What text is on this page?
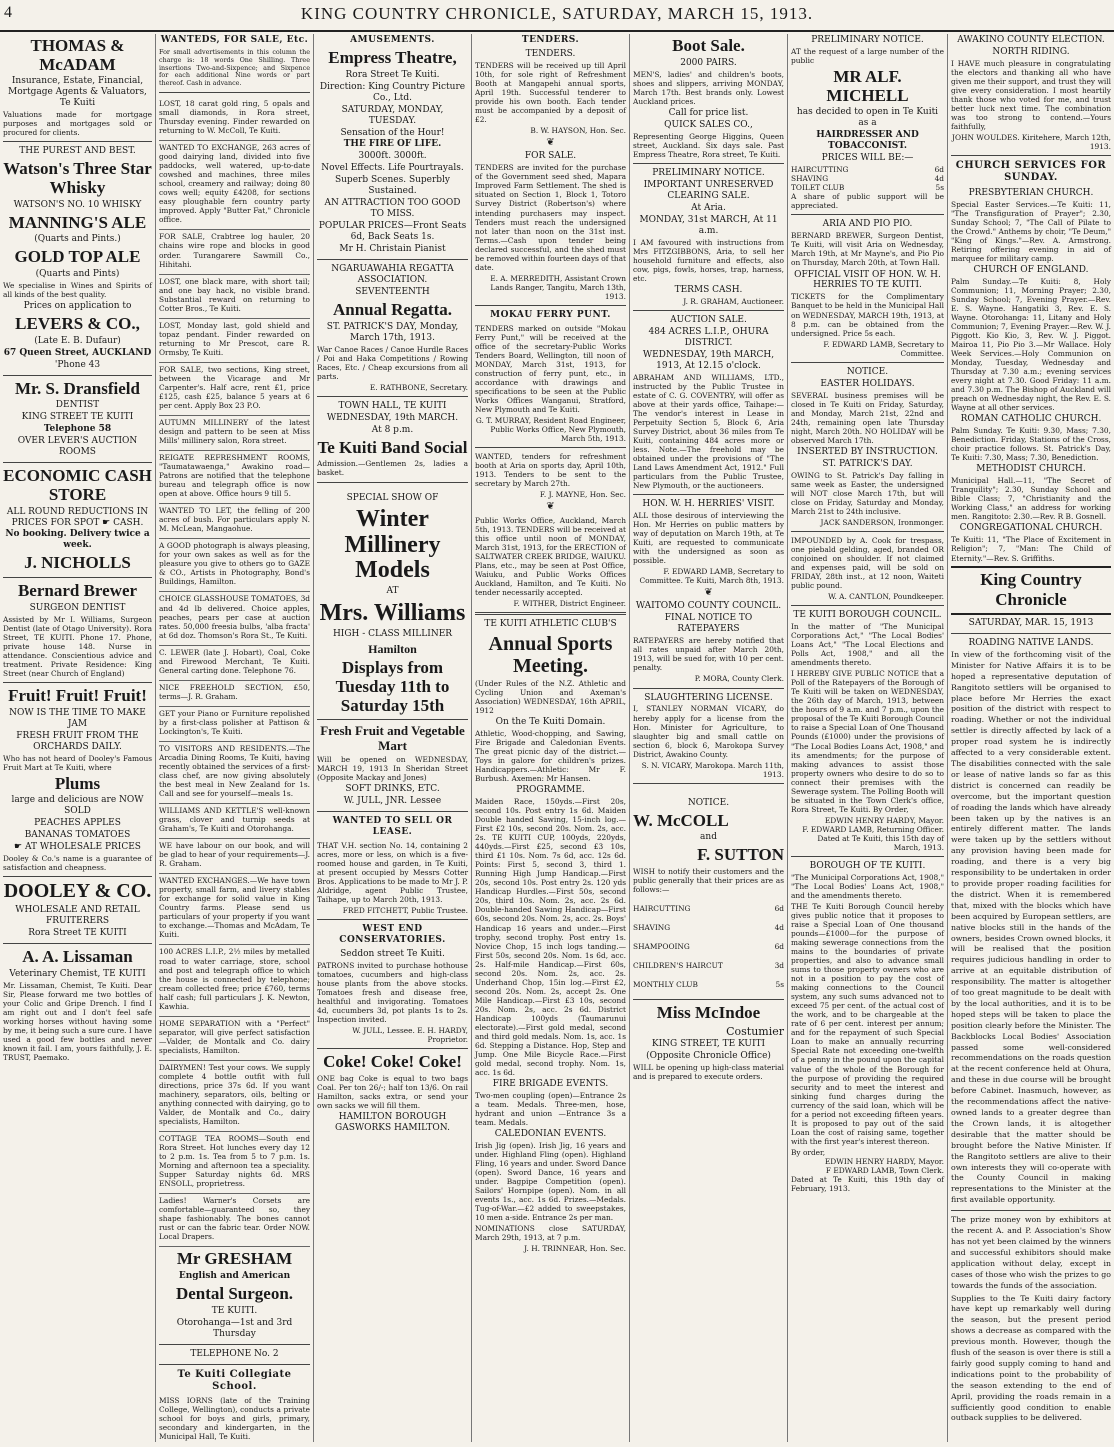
4	KING COUNTRY CHRONICLE, SATURDAY, MARCH 15, 1913.
THOMAS & McADAM
Insurance, Estate, Financial, Mortgage Agents & Valuators, Te Kuiti

Valuations made for mortgage purposes and mortgages sold or procured for clients.

THE PUREST AND BEST.
Watson's Three Star Whisky
WATSON'S NO. 10 WHISKY
MANNING'S ALE
(Quarts and Pints.)
GOLD TOP ALE
(Quarts and Pints)

We specialise in Wines and Spirits of all kinds of the best quality.

Prices on application to
LEVERS & CO.,
(Late E. B. Dufaur)
67 Queen Street, AUCKLAND
'Phone 43
Mr. S. Dransfield
DENTIST
KING STREET TE KUITI
Telephone 58
OVER LEVER'S AUCTION ROOMS
ECONOMIC CASH STORE
ALL ROUND REDUCTIONS IN PRICES FOR SPOT ☛ CASH.
No booking. Delivery twice a week.
J. NICHOLLS
Bernard Brewer
SURGEON DENTIST

Assisted by Mr I. Williams, Surgeon Dentist (late of Otago University). Rora Street, TE KUITI. Phone 17. Phone, private house 148. Nurse in attendance. Conscientious advice and treatment. Private Residence: King Street (near Church of England)

Fruit! Fruit! Fruit!
NOW IS THE TIME TO MAKE JAM
FRESH FRUIT FROM THE ORCHARDS DAILY.

Who has not heard of Dooley's Famous Fruit Mart at Te Kuiti, where

Plums
large and delicious are NOW SOLD
PEACHES APPLES
BANANAS TOMATOES
☛ AT WHOLESALE PRICES

Dooley & Co.'s name is a guarantee of satisfaction and cheapness.

DOOLEY & CO.
WHOLESALE AND RETAIL FRUITERERS
Rora Street TE KUITI
A. A. Lissaman
Veterinary Chemist, TE KUITI

Mr. Lissaman, Chemist, Te Kuiti. Dear Sir, Please forward me two bottles of your Colic and Gripe Drench. I find I am right out and I don't feel safe working horses without having some by me, it being such a sure cure. I have used a good few bottles and never known it fail. I am, yours faithfully, J. E. TRUST, Paemako.

WANTEDS, FOR SALE, Etc.

For small advertisements in this column the charge is: 18 words One Shilling. Three insertions Two-and-Sixpence; and Sixpence for each additional Nine words or part thereof. Cash in advance.

LOST, 18 carat gold ring, 5 opals and small diamonds, in Rora street, Thursday evening. Finder rewarded on returning to W. McColl, Te Kuiti.

WANTED TO EXCHANGE, 263 acres of good dairying land, divided into five paddocks, well watered, up-to-date cowshed and machines, three miles school, creamery and railway; doing 80 cows well; equity £4208, for sections easy ploughable fern country party improved. Apply "Butter Fat," Chronicle office.

FOR SALE, Crabtree log hauler, 20 chains wire rope and blocks in good order. Turangarere Sawmill Co., Hihitahi.

LOST, one black mare, with short tail; and one bay hack, no visible brand. Substantial reward on returning to Cotter Bros., Te Kuiti.

LOST, Monday last, gold shield and topaz pendant. Finder rewarded on returning to Mr Prescot, care R. Ormsby, Te Kuiti.

FOR SALE, two sections, King street, between the Vicarage and Mr Carpenter's. Half acre, rent £1, price £125, cash £25, balance 5 years at 6 per cent. Apply Box 23 P.O.

AUTUMN MILLINERY of the latest design and pattern to be seen at Miss Mills' millinery salon, Rora street.

REIGATE REFRESHMENT ROOMS, "Taumatawaenga," Awakino road—Patrons are notified that the telephone bureau and telegraph office is now open at above. Office hours 9 till 5.

WANTED TO LET, the felling of 200 acres of bush. For particulars apply N. M. McLean, Mangaohue.

A GOOD photograph is always pleasing, for your own sakes as well as for the pleasure you give to others go to GAZE & CO., Artists in Photography, Bond's Buildings, Hamilton.

CHOICE GLASSHOUSE TOMATOES, 3d and 4d lb delivered. Choice apples, peaches, pears per case at auction rates. 50,000 freesia bulbs, 'alba fracta' at 6d doz. Thomson's Rora St., Te Kuiti.

C. LEWER (late J. Hobart), Coal, Coke and Firewood Merchant, Te Kuiti. General carting done. Telephone 76.

NICE FREEHOLD SECTION, £50, terms—J. R. Graham.

GET your Piano or Furniture repolished by a first-class polisher at Pattison & Lockington's, Te Kuiti.

TO VISITORS AND RESIDENTS.—The Arcadia Dining Rooms, Te Kuiti, having recently obtained the services of a first-class chef, are now giving absolutely the best meal in New Zealand for 1s. Call and see for yourself—meals 1s.

WILLIAMS AND KETTLE'S well-known grass, clover and turnip seeds at Graham's, Te Kuiti and Otorohanga.

WE have labour on our book, and will be glad to hear of your requirements—J. R. Graham.

WANTED EXCHANGES.—We have town property, small farm, and livery stables for exchange for solid value in King Country farms. Please send us particulars of your property if you want to exchange.—Thomas and McAdam, Te Kuiti.

100 ACRES L.I.P., 2½ miles by metalled road to water carriage, store, school and post and telegraph office to which the house is connected by telephone; cream collected free; price £760, terms half cash; full particulars J. K. Newton, Kawhia.

HOME SEPARATION with a "Perfect" separator, will give perfect satisfaction—Valder, de Montalk and Co. dairy specialists, Hamilton.

DAIRYMEN! Test your cows. We supply complete 4 bottle outfit with full directions, price 37s 6d. If you want machinery, separators, oils, belting or anything connected with dairying, go to Valder, de Montalk and Co., dairy specialists, Hamilton.

COTTAGE TEA ROOMS—South end Rora Street. Hot lunches every day 12 to 2 p.m. 1s. Tea from 5 to 7 p.m. 1s. Morning and afternoon tea a speciality. Supper Saturday nights 6d. MRS ENSOLL, proprietress.

Ladies! Warner's Corsets are comfortable—guaranteed so, they shape fashionably. The bones cannot rust or can the fabric tear. Order NOW. Local Drapers.

Mr GRESHAM
English and American
Dental Surgeon.
TE KUITI.
Otorohanga—1st and 3rd Thursday
TELEPHONE No. 2
Te Kuiti Collegiate School.

MISS IORNS (late of the Training College, Wellington), conducts a private school for boys and girls, primary, secondary and kindergarten, in the Municipal Hall, Te Kuiti.

AMUSEMENTS.
Empress Theatre,
Rora Street Te Kuiti.
Direction: King Country Picture Co., Ltd.
SATURDAY, MONDAY, TUESDAY.
Sensation of the Hour!
THE FIRE OF LIFE.
3000ft. 3000ft.
Novel Effects. Life Pourtrayals.
Superb Scenes. Superbly Sustained.
AN ATTRACTION TOO GOOD TO MISS.
POPULAR PRICES—Front Seats 6d, Back Seats 1s.
Mr H. Christain Pianist
NGARUAWAHIA REGATTA ASSOCIATION.
SEVENTEENTH
Annual Regatta.
ST. PATRICK'S DAY, Monday, March 17th, 1913.

War Canoe Races / Canoe Hurdle Races / Poi and Haka Competitions / Rowing Races, Etc. / Cheap excursions from all parts.

E. RATHBONE, Secretary.
TOWN HALL, TE KUITI
WEDNESDAY, 19th MARCH.
At 8 p.m.
Te Kuiti Band Social

Admission.—Gentlemen 2s, ladies a basket.

SPECIAL SHOW OF
Winter Millinery Models
AT
Mrs. Williams
HIGH - CLASS MILLINER
Hamilton
Displays from Tuesday 11th to Saturday 15th
Fresh Fruit and Vegetable Mart

Will be opened on WEDNESDAY, MARCH 19, 1913 In Sheridan Street (Opposite Mackay and Jones)

SOFT DRINKS, ETC.
W. JULL, JNR. Lessee
WANTED TO SELL OR LEASE.

THAT V.H. section No. 14, containing 2 acres, more or less, on which is a five-roomed house and garden, in Te Kuiti, at present occupied by Messrs Cotter Bros. Applications to be made to Mr J. P. Aldridge, agent Public Trustee, Taihape, up to March 20th, 1913.

FRED FITCHETT, Public Trustee.
WEST END CONSERVATORIES.
Seddon street Te Kuiti.

PATRONS invited to purchase hothouse tomatoes, cucumbers and high-class house plants from the above stocks. Tomatoes fresh and disease free, healthful and invigorating. Tomatoes 4d, cucumbers 3d, pot plants 1s to 2s. Inspection invited.

W. JULL, Lessee. E. H. HARDY, Proprietor.
Coke! Coke! Coke!

ONE bag Coke is equal to two bags Coal. Per ton 26/-; half ton 13/6. On rail Hamilton, sacks extra, or send your own sacks we will fill them.

HAMILTON BOROUGH GASWORKS HAMILTON.
TENDERS.
TENDERS.

TENDERS will be received up till April 10th, for sole right of Refreshment Booth at Mangapehi annual sports, April 19th. Successful tenderer to provide his own booth. Each tender must be accompanied by a deposit of £2.

B. W. HAYSON, Hon. Sec.
❦
FOR SALE.

TENDERS are invited for the purchase of the Government seed shed, Mapara Improved Farm Settlement. The shed is situated on Section 1, Block 1, Totoro Survey District (Robertson's) where intending purchasers may inspect. Tenders must reach the undersigned not later than noon on the 31st inst. Terms.—Cash upon tender being declared successful, and the shed must be removed within fourteen days of that date.

E. A. MERREDITH, Assistant Crown Lands Ranger, Tangitu, March 13th, 1913.
MOKAU FERRY PUNT.

TENDERS marked on outside "Mokau Ferry Punt," will be received at the office of the secretary-Public Works Tenders Board, Wellington, till noon of MONDAY, March 31st, 1913, for construction of ferry punt, etc., in accordance with drawings and specifications to be seen at the Public Works Offices Wanganui, Stratford, New Plymouth and Te Kuiti.

G. T. MURRAY, Resident Road Engineer, Public Works Office, New Plymouth, March 5th, 1913.

WANTED, tenders for refreshment booth at Aria on sports day, April 10th, 1913. Tenders to be sent to the secretary by March 27th.

F. J. MAYNE, Hon. Sec.
❦

Public Works Office, Auckland, March 5th, 1913. TENDERS will be received at this office until noon of MONDAY, March 31st, 1913, for the ERECTION of SALTWATER CREEK BRIDGE, WAIUKU. Plans, etc., may be seen at Post Office, Waiuku, and Public Works Offices Auckland, Hamilton, and Te Kuiti. No tender necessarily accepted.

F. WITHER, District Engineer.
TE KUITI ATHLETIC CLUB'S
Annual Sports Meeting.

(Under Rules of the N.Z. Athletic and Cycling Union and Axeman's Association) WEDNESDAY, 16th APRIL, 1912

On the Te Kuiti Domain.

Athletic, Wood-chopping, and Sawing, Fire Brigade and Caledonian Events. The great picnic day of the district.—Toys in galore for children's prizes. Handicappers.—Athletic: Mr F. Burbush. Axemen: Mr Hansen.

PROGRAMME.

Maiden Race, 150yds.—First 20s, second 10s. Post entry 1s 6d. Maiden Double handed Sawing, 15-inch log.—First £2 10s, second 20s. Nom. 2s, acc. 2s. TE KUITI CUP, 100yds, 220yds, 440yds.—First £25, second £3 10s, third £1 10s. Nom. 7s 6d, acc. 12s 6d. Points: First 5, second 3, third 1. Running High Jump Handicap.—First 20s, second 10s. Post entry 2s. 120 yds Handicap Hurdles.—First 50s, second 20s, third 10s. Nom. 2s, acc. 2s 6d. Double-handed Sawing Handicap—First 60s, second 20s. Nom. 2s, acc. 2s. Boys' Handicap 16 years and under.—First trophy, second trophy. Post entry 1s. Novice Chop, 15 inch logs tanding.—First 50s, second 20s. Nom. 1s 6d, acc. 2s. Half-mile Handicap.—First 60s, second 20s. Nom. 2s, acc. 2s. Underhand Chop, 15in log.—First £2, second 20s. Nom. 2s, accept 2s. One Mile Handicap.—First £3 10s, second 20s. Nom. 2s, acc. 2s 6d. District Handicap 100yds (Taumarunui electorate).—First gold medal, second and third gold medals. Nom. 1s, acc. 1s 6d. Stepping a Distance. Hop, Step and Jump. One Mile Bicycle Race.—First gold medal, second trophy. Nom. 1s, acc. 1s 6d.

FIRE BRIGADE EVENTS.

Two-men coupling (open)—Entrance 2s a team. Medals. Three-men, hose, hydrant and union —Entrance 3s a team. Medals.

CALEDONIAN EVENTS.

Irish Jig (open). Irish Jig, 16 years and under. Highland Fling (open). Highland Fling, 16 years and under. Sword Dance (open). Sword Dance, 16 years and under. Bagpipe Competition (open). Sailors' Hornpipe (open). Nom. in all events 1s., acc. 1s 6d. Prizes.—Medals. Tug-of-War.—£2 added to sweepstakes, 10 men a-side. Entrance 2s per man.

NOMINATIONS close SATURDAY, March 29th, 1913, at 7 p.m.

J. H. TRINNEAR, Hon. Sec.
Boot Sale.
2000 PAIRS.

MEN'S, ladies' and children's boots, shoes and slippers, arriving MONDAY, March 17th. Best brands only. Lowest Auckland prices.

Call for price list.
QUICK SALES CO.,

Representing George Higgins, Queen street, Auckland. Six days sale. Past Empress Theatre, Rora street, Te Kuiti.

PRELIMINARY NOTICE.
IMPORTANT UNRESERVED CLEARING SALE.
At Aria.
MONDAY, 31st MARCH, At 11 a.m.

I AM favoured with instructions from Mrs FITZGIBBONS, Aria, to sell her household furniture and effects, also cow, pigs, fowls, horses, trap, harness, etc.

TERMS CASH.
J. R. GRAHAM, Auctioneer.
AUCTION SALE.
484 ACRES L.I.P., OHURA DISTRICT.
WEDNESDAY, 19th MARCH, 1913, At 12.15 o'clock.

ABRAHAM AND WILLIAMS, LTD., instructed by the Public Trustee in estate of C. G. COVENTRY, will offer as above at their yards office, Taihape:—The vendor's interest in Lease in Perpetuity Section 5, Block 6, Aria Survey District, about 36 miles from Te Kuiti, containing 484 acres more or less. Note.—The freehold may be obtained under the provisions of "The Land Laws Amendment Act, 1912." Full particulars from the Public Trustee, New Plymouth, or the auctioneers.

HON. W. H. HERRIES' VISIT.

ALL those desirous of interviewing the Hon. Mr Herries on public matters by way of deputation on March 19th, at Te Kuiti, are requested to communicate with the undersigned as soon as possible.

F. EDWARD LAMB, Secretary to Committee. Te Kuiti, March 8th, 1913.
❦
WAITOMO COUNTY COUNCIL.
FINAL NOTICE TO RATEPAYERS

RATEPAYERS are hereby notified that all rates unpaid after March 20th, 1913, will be sued for, with 10 per cent. penalty.

P. MORA, County Clerk.
SLAUGHTERING LICENSE.

I, STANLEY NORMAN VICARY, do hereby apply for a license from the Hon. Minister for Agriculture, to slaughter big and small cattle on section 6, block 6, Marokopa Survey District, Awakino County.

S. N. VICARY, Marokopa. March 11th, 1913.
NOTICE.
W. McCOLL
and
F. SUTTON

WISH to notify their customers and the public generally that their prices are as follows:—

HAIRCUTTING	6d
SHAVING	4d
SHAMPOOING	6d
CHILDREN'S HAIRCUT	3d
MONTHLY CLUB	5s
Miss McIndoe
Costumier
KING STREET, TE KUITI
(Opposite Chronicle Office)

WILL be opening up high-class material and is prepared to execute orders.

PRELIMINARY NOTICE.

AT the request of a large number of the public

MR ALF. MICHELL
has decided to open in Te Kuiti as a
HAIRDRESSER AND TOBACCONIST.
PRICES WILL BE:—
HAIRCUTTING	6d
SHAVING	4d
TOILET CLUB	5s

A share of public support will be appreciated.

ARIA AND PIO PIO.

BERNARD BREWER, Surgeon Dentist, Te Kuiti, will visit Aria on Wednesday, March 19th, at Mr Mayne's, and Pio Pio on Thursday, March 20th, at Town Hall.

OFFICIAL VISIT OF HON. W. H. HERRIES TO TE KUITI.

TICKETS for the Complimentary Banquet to be held in the Municipal Hall on WEDNESDAY, MARCH 19th, 1913, at 8 p.m. can be obtained from the undersigned. Price 5s each.

F. EDWARD LAMB, Secretary to Committee.
NOTICE.
EASTER HOLIDAYS.

SEVERAL business premises will be closed in Te Kuiti on Friday, Saturday, and Monday, March 21st, 22nd and 24th, remaining open late Thursday night, March 20th. NO HOLIDAY will be observed March 17th.

INSERTED BY INSTRUCTION.
ST. PATRICK'S DAY.

OWING to St. Patrick's Day falling in same week as Easter, the undersigned will NOT close March 17th, but will close on Friday, Saturday and Monday, March 21st to 24th inclusive.

JACK SANDERSON, Ironmonger.

IMPOUNDED by A. Cook for trespass, one piebald gelding, aged, branded OR conjoined on shoulder. If not claimed and expenses paid, will be sold on FRIDAY, 28th inst., at 12 noon, Waiteti public pound.

W. A. CANTLON, Poundkeeper.
TE KUITI BOROUGH COUNCIL.

In the matter of "The Municipal Corporations Act," "The Local Bodies' Loans Act," "The Local Elections and Polls Act, 1908," and all the amendments thereto.

I HEREBY GIVE PUBLIC NOTICE that a Poll of the Ratepayers of the Borough of Te Kuiti will be taken on WEDNESDAY, the 26th day of March, 1913, between the hours of 9 a.m. and 7 p.m., upon the proposal of the Te Kuiti Borough Council to raise a Special Loan of One Thousand Pounds (£1000) under the provisions of "The Local Bodies Loans Act, 1908," and its amendments; for the purpose of making advances to assist those property owners who desire to do so to connect their premises with the Sewerage system. The Polling Booth will be situated in the Town Clerk's office, Rora Street, Te Kuiti. By Order,

EDWIN HENRY HARDY, Mayor.
F. EDWARD LAMB, Returning Officer. Dated at Te Kuiti, this 15th day of March, 1913.
BOROUGH OF TE KUITI.

"The Municipal Corporations Act, 1908," "The Local Bodies' Loans Act, 1908," and the amendments thereto.

THE Te Kuiti Borough Council hereby gives public notice that it proposes to raise a Special Loan of One thousand pounds—£1000—for the purpose of making sewerage connections from the mains to the boundaries of private properties, and also to advance small sums to those property owners who are not in a position to pay the cost of making connections to the Council system, any such sums advanced not to exceed 75 per cent. of the actual cost of the work, and to be chargeable at the rate of 6 per cent. interest per annum; and for the repayment of such Special Loan to make an annually recurring Special Rate not exceeding one-twelfth of a penny in the pound upon the capital value of the whole of the Borough for the purpose of providing the required security and to meet the interest and sinking fund charges during the currency of the said loan, which will be for a period not exceeding fifteen years. It is proposed to pay out of the said Loan the cost of raising same, together with the first year's interest thereon.

By order,
EDWIN HENRY HARDY, Mayor.
F EDWARD LAMB, Town Clerk.

Dated at Te Kuiti, this 19th day of February, 1913.

AWAKINO COUNTY ELECTION.
NORTH RIDING.

I HAVE much pleasure in congratulating the electors and thanking all who have given me their support, and trust they will give every consideration. I most heartily thank those who voted for me, and trust better luck next time. The combination was too strong to contend.—Yours faithfully,

JOHN WOULDES. Kiritehere, March 12th, 1913.
CHURCH SERVICES FOR SUNDAY.
PRESBYTERIAN CHURCH.

Special Easter Services.—Te Kuiti: 11, "The Transfiguration of Prayer"; 2.30, Sunday School; 7, "The Call of Pilate to the Crowd." Anthems by choir, "Te Deum," "King of Kings."—Rev. A. Armstrong. Retiring offering evening in aid of marquee for military camp.

CHURCH OF ENGLAND.

Palm Sunday.—Te Kuiti: 8, Holy Communion; 11, Morning Prayer; 2.30, Sunday School; 7, Evening Prayer.—Rev. E. S. Wayne. Hangatiki 3, Rev. E. S. Wayne. Otorohanga: 11, Litany and Holy Communion; 7, Evening Prayer.—Rev. W. J. Piggott. Kio Kio, 3, Rev. W. J. Piggot. Mairoa 11, Pio Pio 3.—Mr Wallace. Holy Week Services.—Holy Communion on Monday, Tuesday, Wednesday and Thursday at 7.30 a.m.; evening services every night at 7.30. Good Friday: 11 a.m. and 7.30 p.m. The Bishop of Auckland will preach on Wednesday night, the Rev. E. S. Wayne at all other services.

ROMAN CATHOLIC CHURCH.

Palm Sunday. Te Kuiti: 9.30, Mass; 7.30, Benediction. Friday, Stations of the Cross, choir practice follows. St. Patrick's Day, Te Kuiti: 7.30, Mass; 7.30, Benediction.

METHODIST CHURCH.

Municipal Hall.—11, "The Secret of Tranquility"; 2.30, Sunday School and Bible Class; 7, "Christianity and the Working Class," an address for working men. Rangitoto: 2.30.—Rev. R B. Gosnell.

CONGREGATIONAL CHURCH.

Te Kuiti: 11, "The Place of Excitement in Religion"; 7, "Man: The Child of Eternity."—Rev. S. Griffiths.

King Country Chronicle
SATURDAY, MAR. 15, 1913
ROADING NATIVE LANDS.

In view of the forthcoming visit of the Minister for Native Affairs it is to be hoped a representative deputation of Rangitoto settlers will be organised to place before Mr Herries the exact position of the district with respect to roading. Whether or not the individual settler is directly affected by lack of a proper road system he is indirectly affected to a very considerable extent. The disabilities connected with the sale or lease of native lands so far as this district is concerned can readily be overcome, but the important question of roading the lands which have already been taken up by the natives is an entirely different matter. The lands were taken up by the settlers without any provision having been made for roading, and there is a very big responsibility to be undertaken in order to provide proper roading facilities for the district. When it is remembered that, mixed with the blocks which have been acquired by European settlers, are native blocks still in the hands of the owners, besides Crown owned blocks, it will be realised that the position requires judicious handling in order to arrive at an equitable distribution of responsibility. The matter is altogether of too great magnitude to be dealt with by the local authorities, and it is to be hoped steps will be taken to place the position clearly before the Minister. The Backblocks Local Bodies' Association passed some well-considered recommendations on the roads question at the recent conference held at Ohura, and these in due course will be brought before Cabinet. Inasmuch, however, as the recommendations affect the native-owned lands to a greater degree than the Crown lands, it is altogether desirable that the matter should be brought before the Native Minister. If the Rangitoto settlers are alive to their own interests they will co-operate with the County Council in making representations to the Minister at the first available opportunity.

The prize money won by exhibitors at the recent A. and P. Association's Show has not yet been claimed by the winners and successful exhibitors should make application without delay, except in cases of those who wish the prizes to go towards the funds of the association.

Supplies to the Te Kuiti dairy factory have kept up remarkably well during the season, but the present period shows a decrease as compared with the previous month. However, though the flush of the season is over there is still a fairly good supply coming to hand and indications point to the probability of the season extending to the end of April, providing the roads remain in a sufficiently good condition to enable outback supplies to be delivered.
